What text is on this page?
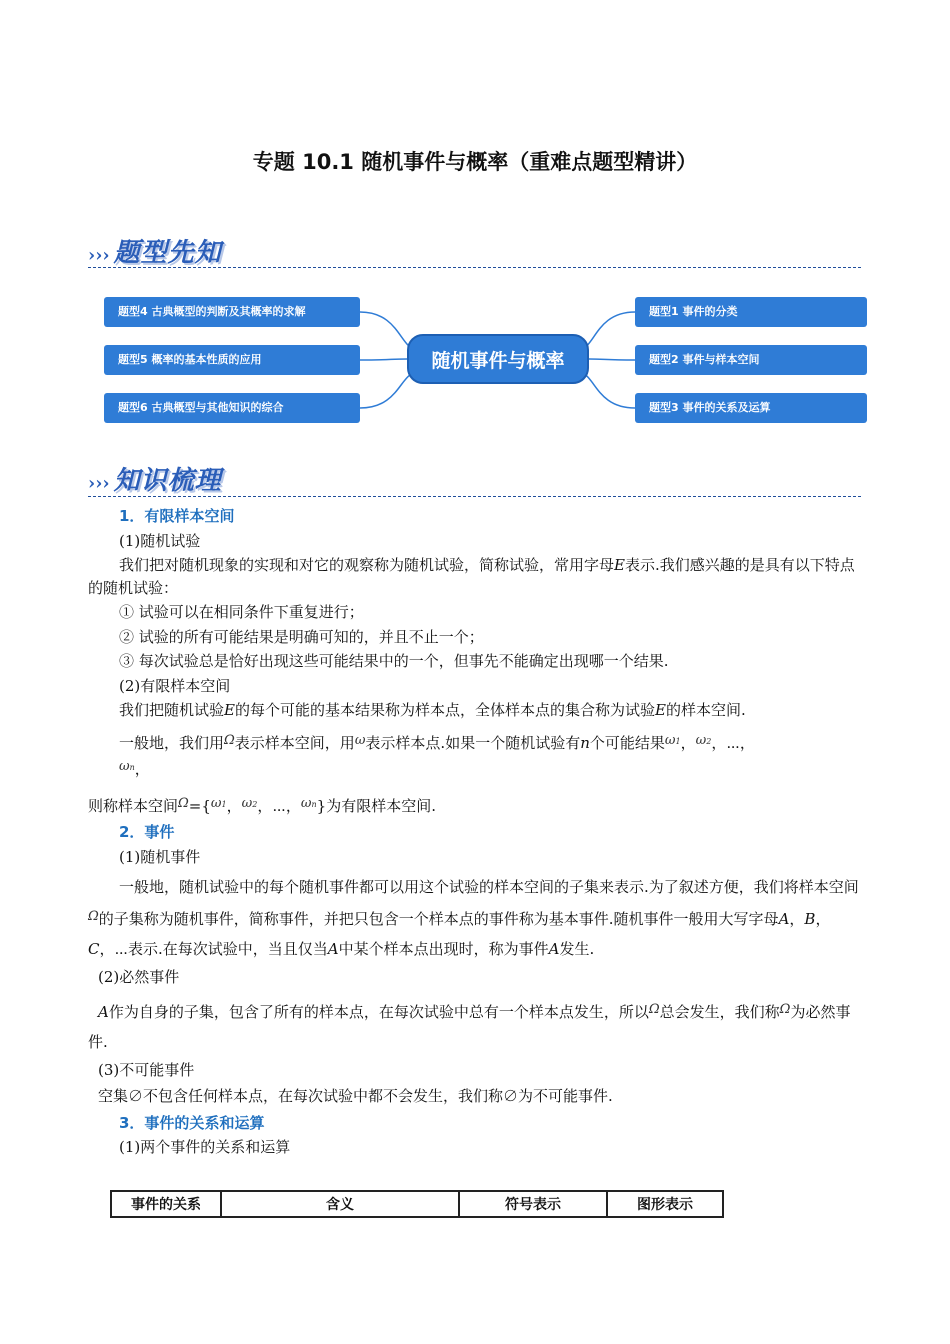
专题 10.1 随机事件与概率（重难点题型精讲）
››› 题型先知
题型4 古典概型的判断及其概率的求解
题型5 概率的基本性质的应用
题型6 古典概型与其他知识的综合
随机事件与概率
题型1 事件的分类
题型2 事件与样本空间
题型3 事件的关系及运算
››› 知识梳理

1．有限样本空间

(1)随机试验

我们把对随机现象的实现和对它的观察称为随机试验，简称试验，常用字母E表示.我们感兴趣的是具有以下特点的随机试验：

① 试验可以在相同条件下重复进行；

② 试验的所有可能结果是明确可知的，并且不止一个；

③ 每次试验总是恰好出现这些可能结果中的一个，但事先不能确定出现哪一个结果.

(2)有限样本空间

我们把随机试验E的每个可能的基本结果称为样本点，全体样本点的集合称为试验E的样本空间.

一般地，我们用Ω表示样本空间，用ω表示样本点.如果一个随机试验有n个可能结果ω1，ω2，⋯，

ωn，

则称样本空间Ω={ω1，ω2，⋯，ωn}为有限样本空间.

2．事件

(1)随机事件

一般地，随机试验中的每个随机事件都可以用这个试验的样本空间的子集来表示.为了叙述方便，我们将样本空间Ω的子集称为随机事件，简称事件，并把只包含一个样本点的事件称为基本事件.随机事件一般用大写字母A，B，C，⋯表示.在每次试验中，当且仅当A中某个样本点出现时，称为事件A发生.

(2)必然事件

A作为自身的子集，包含了所有的样本点，在每次试验中总有一个样本点发生，所以Ω总会发生，我们称Ω为必然事件.

(3)不可能事件

空集∅不包含任何样本点，在每次试验中都不会发生，我们称∅为不可能事件.

3．事件的关系和运算

(1)两个事件的关系和运算

事件的关系	含义	符号表示	图形表示
